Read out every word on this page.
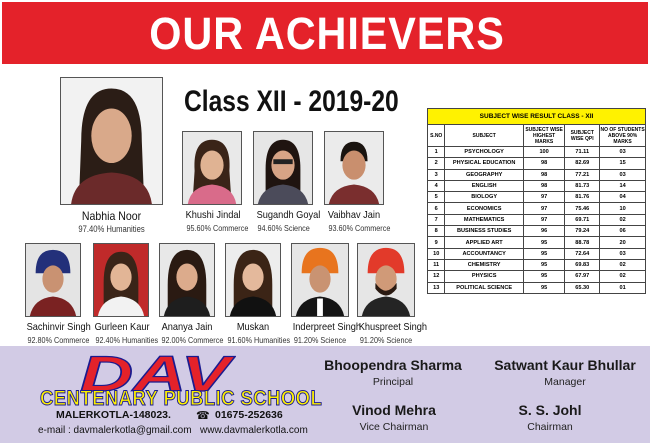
OUR ACHIEVERS
Class XII - 2019-20
Nabhia Noor
97.40% Humanities
Khushi Jindal
95.60% Commerce
Sugandh Goyal
94.60% Science
Vaibhav Jain
93.60% Commerce
Sachinvir Singh
92.80% Commerce
Gurleen Kaur
92.40% Humanities
Ananya Jain
92.00% Commerce
Muskan
91.60% Humanities
Inderpreet Singh
91.20% Science
Khuspreet Singh
91.20% Science
SUBJECT WISE RESULT CLASS - XII				
S.NO	SUBJECT	SUBJECT WISE HIGHEST MARKS	SUBJECT WISE QPI	NO OF STUDENTS ABOVE 90% MARKS
1	PSYCHOLOGY	100	71.11	03
2	PHYSICAL EDUCATION	98	82.69	15
3	GEOGRAPHY	98	77.21	03
4	ENGLISH	98	81.73	14
5	BIOLOGY	97	81.76	04
6	ECONOMICS	97	75.46	10
7	MATHEMATICS	97	69.71	02
8	BUSINESS STUDIES	96	79.24	06
9	APPLIED ART	95	88.78	20
10	ACCOUNTANCY	95	72.64	03
11	CHEMISTRY	95	69.83	02
12	PHYSICS	95	67.97	02
13	POLITICAL SCIENCE	95	65.30	01
DAV
CENTENARY PUBLIC SCHOOL
MALERKOTLA-148023. ☎ 01675-252636
e-mail : davmalerkotla@gmail.com www.davmalerkotla.com
Bhoopendra Sharma
Principal
Satwant Kaur Bhullar
Manager
Vinod Mehra
Vice Chairman
S. S. Johl
Chairman
